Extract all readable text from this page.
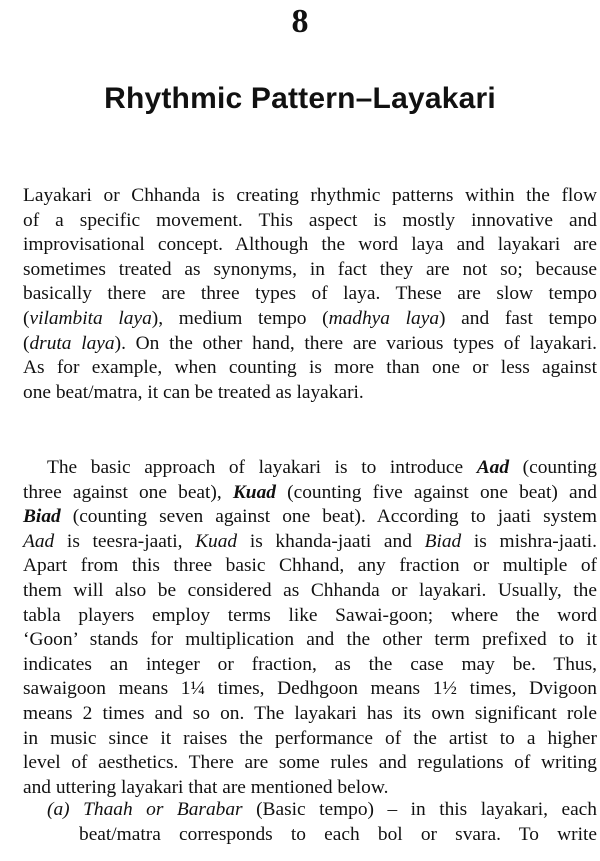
8
Rhythmic Pattern–Layakari
Layakari or Chhanda is creating rhythmic patterns within the flow
of a specific movement. This aspect is mostly innovative and
improvisational concept. Although the word laya and layakari are
sometimes treated as synonyms, in fact they are not so; because
basically there are three types of laya. These are slow tempo
(vilambita laya), medium tempo (madhya laya) and fast tempo
(druta laya). On the other hand, there are various types of layakari.
As for example, when counting is more than one or less against
one beat/matra, it can be treated as layakari.
The basic approach of layakari is to introduce Aad (counting
three against one beat), Kuad (counting five against one beat) and
Biad (counting seven against one beat). According to jaati system
Aad is teesra-jaati, Kuad is khanda-jaati and Biad is mishra-jaati.
Apart from this three basic Chhand, any fraction or multiple of
them will also be considered as Chhanda or layakari. Usually, the
tabla players employ terms like Sawai-goon; where the word
‘Goon’ stands for multiplication and the other term prefixed to it
indicates an integer or fraction, as the case may be. Thus,
sawaigoon means 1¼ times, Dedhgoon means 1½ times, Dvigoon
means 2 times and so on. The layakari has its own significant role
in music since it raises the performance of the artist to a higher
level of aesthetics. There are some rules and regulations of writing
and uttering layakari that are mentioned below.
(a) Thaah or Barabar (Basic tempo) – in this layakari, each
beat/matra corresponds to each bol or svara. To write
